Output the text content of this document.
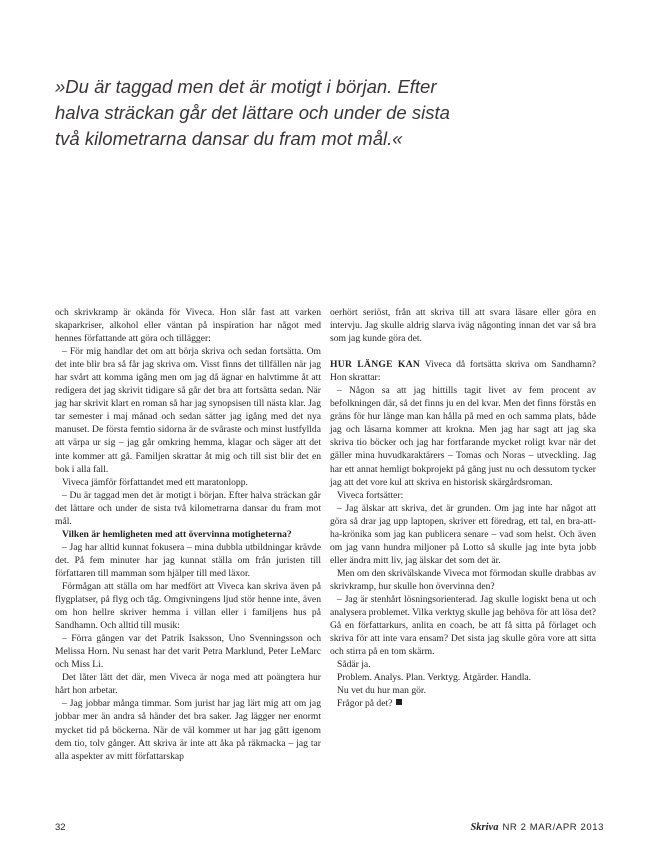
»Du är taggad men det är motigt i början. Efter
halva sträckan går det lättare och under de sista
två kilometrarna dansar du fram mot mål.«

och skrivkramp är okända för Viveca. Hon slår fast att varken skaparkriser, alkohol eller väntan på inspiration har något med hennes författande att göra och tillägger:

– För mig handlar det om att börja skriva och sedan fortsätta. Om det inte blir bra så får jag skriva om. Visst finns det tillfällen när jag har svårt att komma igång men om jag då ägnar en halvtimme åt att redigera det jag skrivit tidigare så går det bra att fortsätta sedan. När jag har skrivit klart en roman så har jag synopsisen till nästa klar. Jag tar semester i maj månad och sedan sätter jag igång med det nya manuset. De första femtio sidorna är de svåraste och minst lustfyllda att värpa ur sig – jag går omkring hemma, klagar och säger att det inte kommer att gå. Familjen skrattar åt mig och till sist blir det en bok i alla fall.

Viveca jämför författandet med ett maratonlopp.

– Du är taggad men det är motigt i början. Efter halva sträckan går det lättare och under de sista två kilometrarna dansar du fram mot mål.

Vilken är hemligheten med att övervinna motigheterna?

– Jag har alltid kunnat fokusera – mina dubbla utbildningar krävde det. På fem minuter har jag kunnat ställa om från juristen till författaren till mamman som hjälper till med läxor.

Förmågan att ställa om har medfört att Viveca kan skriva även på flygplatser, på flyg och tåg. Omgivningens ljud stör henne inte, även om hon hellre skriver hemma i villan eller i familjens hus på Sandhamn. Och alltid till musik:

– Förra gången var det Patrik Isaksson, Uno Svenningsson och Melissa Horn. Nu senast har det varit Petra Marklund, Peter LeMarc och Miss Li.

Det låter lätt det där, men Viveca är noga med att poängtera hur hårt hon arbetar.

– Jag jobbar många timmar. Som jurist har jag lärt mig att om jag jobbar mer än andra så händer det bra saker. Jag lägger ner enormt mycket tid på böckerna. När de väl kommer ut har jag gått igenom dem tio, tolv gånger. Att skriva är inte att åka på räkmacka – jag tar alla aspekter av mitt författarskap

oerhört seriöst, från att skriva till att svara läsare eller göra en intervju. Jag skulle aldrig slarva iväg någonting innan det var så bra som jag kunde göra det.

HUR LÄNGE KAN Viveca då fortsätta skriva om Sandhamn? Hon skrattar:

– Någon sa att jag hittills tagit livet av fem procent av befolkningen där, så det finns ju en del kvar. Men det finns förstås en gräns för hur länge man kan hålla på med en och samma plats, både jag och läsarna kommer att krokna. Men jag har sagt att jag ska skriva tio böcker och jag har fortfarande mycket roligt kvar när det gäller mina huvudkaraktärers – Tomas och Noras – utveckling. Jag har ett annat hemligt bokprojekt på gång just nu och dessutom tycker jag att det vore kul att skriva en historisk skärgårdsroman.

Viveca fortsätter:

– Jag älskar att skriva, det är grunden. Om jag inte har något att göra så drar jag upp laptopen, skriver ett föredrag, ett tal, en bra-att-ha-krönika som jag kan publicera senare – vad som helst. Och även om jag vann hundra miljoner på Lotto så skulle jag inte byta jobb eller ändra mitt liv, jag älskar det som det är.

Men om den skrivälskande Viveca mot förmodan skulle drabbas av skrivkramp, hur skulle hon övervinna den?

– Jag är stenhårt lösningsorienterad. Jag skulle logiskt bena ut och analysera problemet. Vilka verktyg skulle jag behöva för att lösa det? Gå en författarkurs, anlita en coach, be att få sitta på förlaget och skriva för att inte vara ensam? Det sista jag skulle göra vore att sitta och stirra på en tom skärm.

Sådär ja.

Problem. Analys. Plan. Verktyg. Åtgärder. Handla.

Nu vet du hur man gör.

Frågor på det?

32	Skriva NR 2 MAR/APR 2013
